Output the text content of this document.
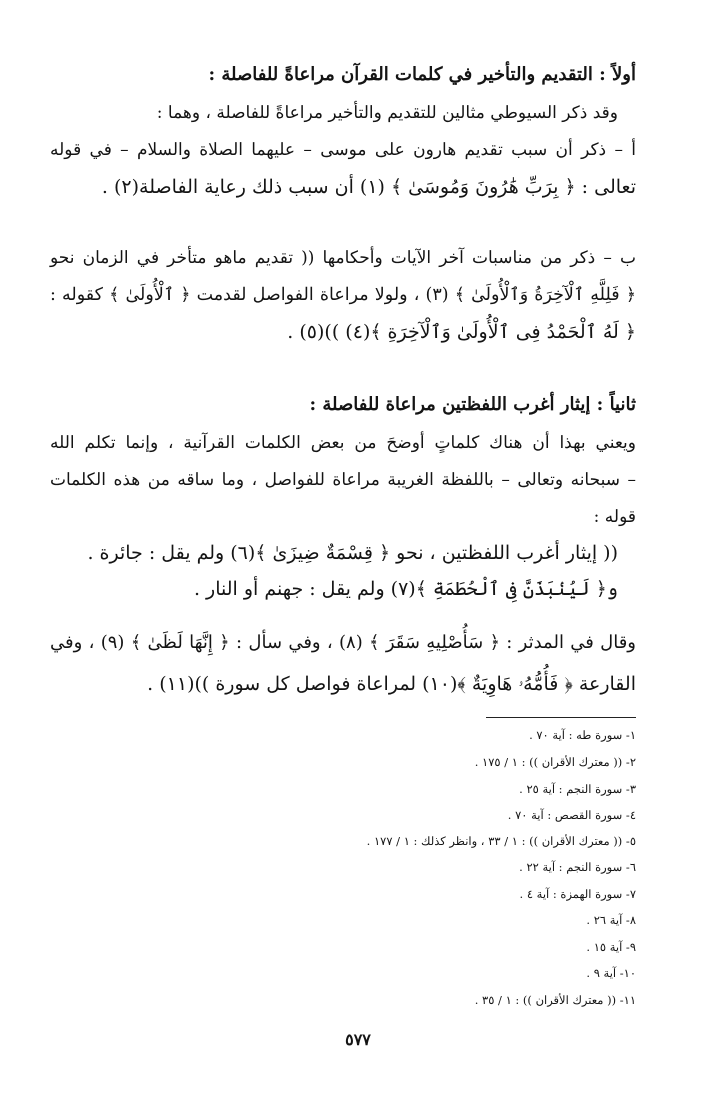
أولاً : التقديم والتأخير في كلمات القرآن مراعاةً للفاصلة :
وقد ذكر السيوطي مثالين للتقديم والتأخير مراعاةً للفاصلة ، وهما :
أ – ذكر أن سبب تقديم هارون على موسى – عليهما الصلاة والسلام – في قوله
تعالى : ﴿ بِرَبِّ هَٰرُونَ وَمُوسَىٰ ﴾ (١) أن سبب ذلك رعاية الفاصلة(٢) .
ب – ذكر من مناسبات آخر الآيات وأحكامها (( تقديم ماهو متأخر في الزمان نحو
﴿ فَلِلَّهِ ٱلْآخِرَةُ وَٱلْأُولَىٰ ﴾ (٣) ، ولولا مراعاة الفواصل لقدمت ﴿ ٱلْأُولَىٰ ﴾ كقوله :
﴿ لَهُ ٱلْحَمْدُ فِى ٱلْأُولَىٰ وَٱلْآخِرَةِ ﴾(٤) ))(٥) .
ثانياً : إيثار أغرب اللفظتين مراعاة للفاصلة :
ويعني بهذا أن هناك كلماتٍ أوضحَ من بعض الكلمات القرآنية ، وإنما تكلم الله
– سبحانه وتعالى – باللفظة الغريبة مراعاة للفواصل ، وما ساقه من هذه الكلمات
قوله :
(( إيثار أغرب اللفظتين ، نحو ﴿ قِسْمَةٌ ضِيزَىٰ ﴾(٦) ولم يقل : جائرة .
و﴿ لَيُنۢبَذَنَّ فِى ٱلْحُطَمَةِ ﴾(٧) ولم يقل : جهنم أو النار .
وقال في المدثر : ﴿ سَأُصْلِيهِ سَقَرَ ﴾ (٨) ، وفي سأل : ﴿ إِنَّهَا لَظَىٰ ﴾ (٩) ، وفي
القارعة ﴿ فَأُمُّهُۥ هَاوِيَةٌ ﴾(١٠) لمراعاة فواصل كل سورة ))(١١) .
١- سورة طه : آية ٧٠ .
٢- (( معترك الأقران )) : ١ / ١٧٥ .
٣- سورة النجم : آية ٢٥ .
٤- سورة القصص : آية ٧٠ .
٥- (( معترك الأقران )) : ١ / ٣٣ ، وانظر كذلك : ١ / ١٧٧ .
٦- سورة النجم : آية ٢٢ .
٧- سورة الهمزة : آية ٤ .
٨- آية ٢٦ .
٩- آية ١٥ .
١٠- آية ٩ .
١١- (( معترك الأقران )) : ١ / ٣٥ .
٥٧٧
